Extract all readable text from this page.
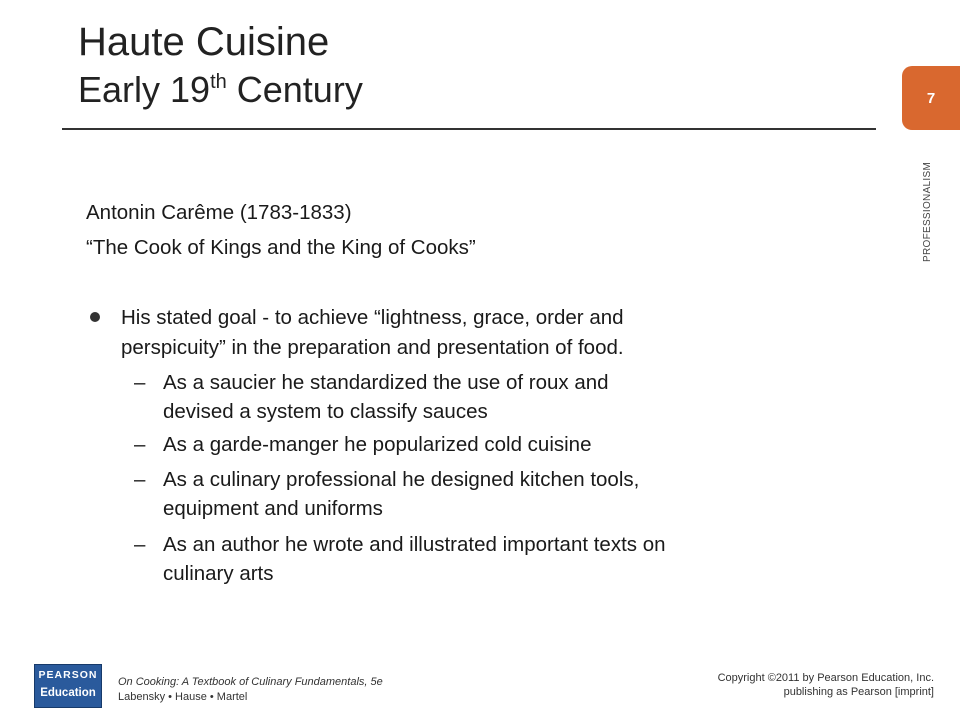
Haute Cuisine
Early 19th Century	7
PROFESSIONALISM
Antonin Carême (1783-1833)
“The Cook of Kings and the King of Cooks”
His stated goal - to achieve “lightness, grace, order and
perspicuity” in the preparation and presentation of food.
– As a saucier he standardized the use of roux and
devised a system to classify sauces
– As a garde-manger he popularized cold cuisine
– As a culinary professional he designed kitchen tools,
equipment and uniforms
– As an author he wrote and illustrated important texts on
culinary arts
PEARSON
Education
On Cooking: A Textbook of Culinary Fundamentals, 5e
Labensky • Hause • Martel
Copyright ©2011 by Pearson Education, Inc.
publishing as Pearson [imprint]
